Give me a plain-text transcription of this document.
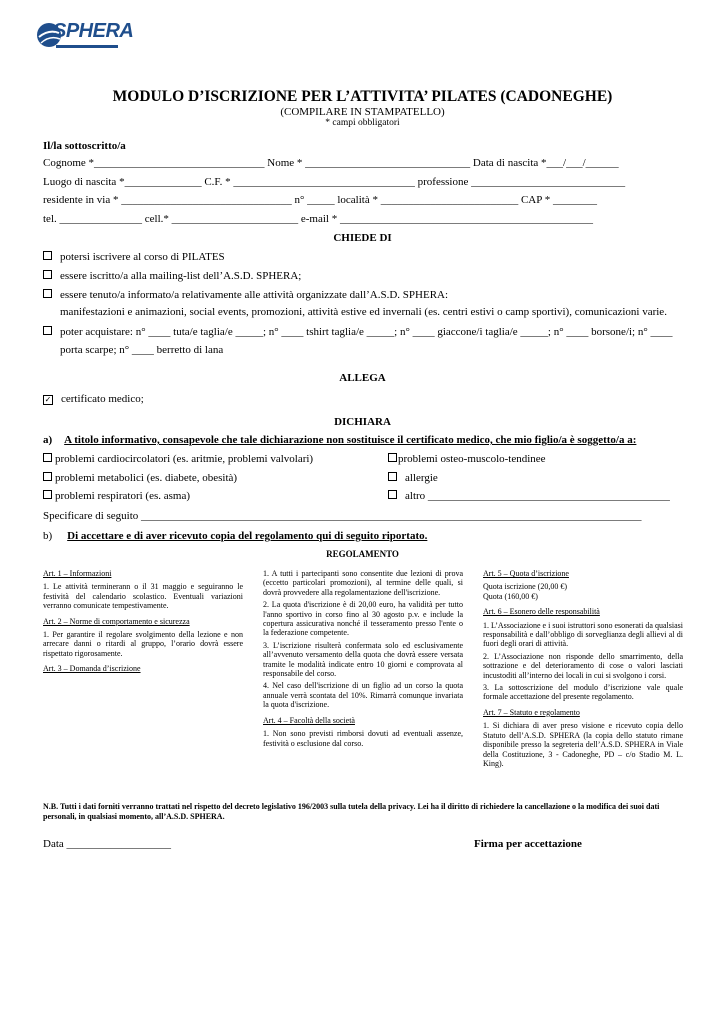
SPHERA
MODULO D’ISCRIZIONE PER L’ATTIVITA’ PILATES (CADONEGHE)
(COMPILARE IN STAMPATELLO)
* campi obbligatori
Il/la sottoscritto/a
Cognome *_______________________________ Nome * ______________________________ Data di nascita *___/___/______
Luogo di nascita *______________ C.F. * _________________________________ professione ____________________________
residente in via * _______________________________ n° _____ località * _________________________ CAP * ________
tel. _______________ cell.* _______________________ e-mail * ______________________________________________
CHIEDE DI
potersi iscrivere al corso di PILATES
essere iscritto/a alla mailing-list dell’A.S.D. SPHERA;
essere tenuto/a informato/a relativamente alle attività organizzate dall’A.S.D. SPHERA:
manifestazioni e animazioni, social events, promozioni, attività estive ed invernali (es. centri estivi o camp sportivi), comunicazioni varie.
poter acquistare: n° ____ tuta/e taglia/e _____; n° ____ tshirt taglia/e _____; n° ____ giaccone/i taglia/e _____; n° ____ borsone/i; n° ____
porta scarpe; n° ____ berretto di lana
ALLEGA
✓ certificato medico;
DICHIARA
a) A titolo informativo, consapevole che tale dichiarazione non sostituisce il certificato medico, che mio figlio/a è soggetto/a a:
problemi cardiocircolatori (es. aritmie, problemi valvolari)
problemi metabolici (es. diabete, obesità)
problemi respiratori (es. asma)
problemi osteo-muscolo-tendinee
allergie
altro ____________________________________________
Specificare di seguito ___________________________________________________________________________________________
b) Di accettare e di aver ricevuto copia del regolamento qui di seguito riportato.
REGOLAMENTO
Art. 1 – Informazioni

1. Le attività terminerann o il 31 maggio e seguiranno le festività del calendario scolastico. Eventuali variazioni verranno comunicate tempestivamente.

Art. 2 – Norme di comportamento e sicurezza

1. Per garantire il regolare svolgimento della lezione e non arrecare danni o ritardi al gruppo, l’orario dovrà essere rispettato rigorosamente.

Art. 3 – Domanda d’iscrizione

1. A tutti i partecipanti sono consentite due lezioni di prova (eccetto particolari promozioni), al termine delle quali, si dovrà provvedere alla regolamentazione dell'iscrizione.

2. La quota d'iscrizione è di 20,00 euro, ha validità per tutto l'anno sportivo in corso fino al 30 agosto p.v. e include la copertura assicurativa nonché il tesseramento presso l'ente o la federazione competente.

3. L’iscrizione risulterà confermata solo ed esclusivamente all’avvenuto versamento della quota che dovrà essere versata tramite le modalità indicate entro 10 giorni e comprovata al responsabile del corso.

4. Nel caso dell'iscrizione di un figlio ad un corso la quota annuale verrà scontata del 10%. Rimarrà comunque invariata la quota d'iscrizione.

Art. 4 – Facoltà della società

1. Non sono previsti rimborsi dovuti ad eventuali assenze, festività o esclusione dal corso.

Art. 5 – Quota d’iscrizione
Quota iscrizione (20,00 €)
Quota (160,00 €)
Art. 6 – Esonero delle responsabilità

1. L’Associazione e i suoi istruttori sono esonerati da qualsiasi responsabilità e dall’obbligo di sorveglianza degli allievi al di fuori degli orari di attività.

2. L’Associazione non risponde dello smarrimento, della sottrazione e del deterioramento di cose o valori lasciati incustoditi all’interno dei locali in cui si svolgono i corsi.

3. La sottoscrizione del modulo d’iscrizione vale quale formale accettazione del presente regolamento.

Art. 7 – Statuto e regolamento

1. Si dichiara di aver preso visione e ricevuto copia dello Statuto dell’A.S.D. SPHERA (la copia dello statuto rimane disponibile presso la segreteria dell’A.S.D. SPHERA in Viale della Costituzione, 3 - Cadoneghe, PD – c/o Stadio M. L. King).

N.B. Tutti i dati forniti verranno trattati nel rispetto del decreto legislativo 196/2003 sulla tutela della privacy. Lei ha il diritto di richiedere la cancellazione o la modifica dei suoi dati personali, in qualsiasi momento, all’A.S.D. SPHERA.
Data ___________________	Firma per accettazione
